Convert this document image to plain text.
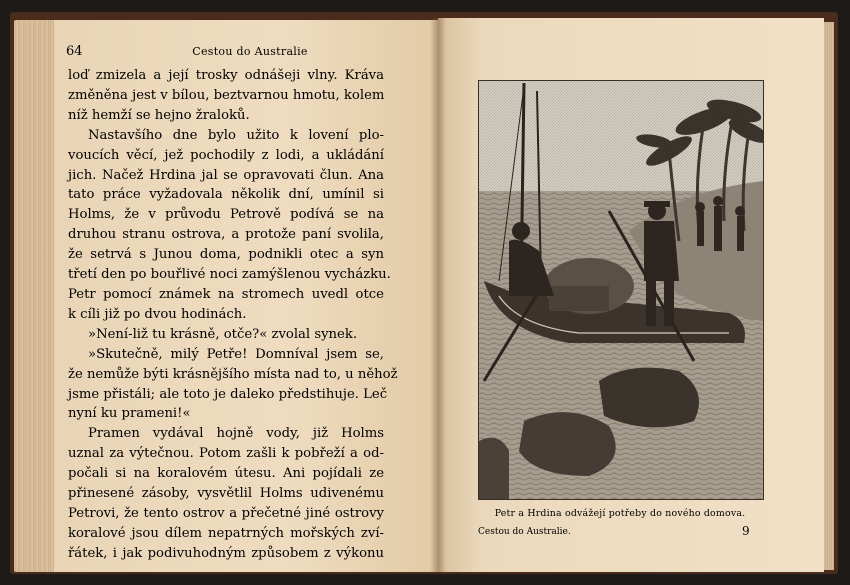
64	Cestou do Australie
loď zmizela a její trosky odnášeji vlny. Kráva
změněna jest v bílou, beztvarnou hmotu, kolem
níž hemží se hejno žraloků.
Nastavšího dne bylo užito k lovení plo-
voucích věcí, jež pochodily z lodi, a ukládání
jich. Načež Hrdina jal se opravovati člun. Ana
tato práce vyžadovala několik dní, umínil si
Holms, že v průvodu Petrově podívá se na
druhou stranu ostrova, a protože paní svolila,
že setrvá s Junou doma, podnikli otec a syn
třetí den po bouřlivé noci zamýšlenou vycházku.
Petr pomocí známek na stromech uvedl otce
k cíli již po dvou hodinách.
»Není-liž tu krásně, otče?« zvolal synek.
»Skutečně, milý Petře! Domníval jsem se,
že nemůže býti krásnějšího místa nad to, u něhož
jsme přistáli; ale toto je daleko předstihuje. Leč
nyní ku prameni!«
Pramen vydával hojně vody, již Holms
uznal za výtečnou. Potom zašli k pobřeží a od-
počali si na koralovém útesu. Ani pojídali ze
přinesené zásoby, vysvětlil Holms udivenému
Petrovi, že tento ostrov a přečetné jiné ostrovy
koralové jsou dílem nepatrných mořských zví-
řátek, i jak podivuhodným způsobem z výkonu
Petr a Hrdina odvážejí potřeby do nového domova.
Cestou do Australie.	9
